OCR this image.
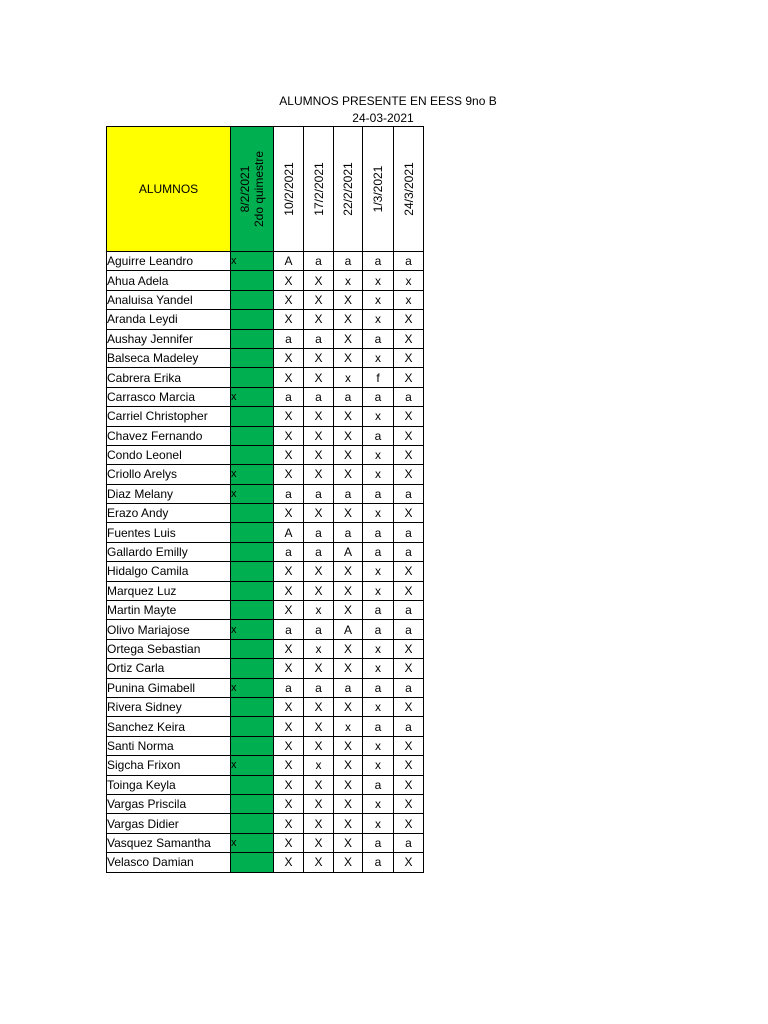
ALUMNOS PRESENTE EN EESS 9no B
24-03-2021
ALUMNOS	8/2/2021 2do quimestre	10/2/2021	17/2/2021	22/2/2021	1/3/2021	24/3/2021

Aguirre Leandro	x	A	a	a	a	a
Ahua Adela		X	X	x	x	x
Analuisa Yandel		X	X	X	x	x
Aranda Leydi		X	X	X	x	X
Aushay Jennifer		a	a	X	a	X
Balseca Madeley		X	X	X	x	X
Cabrera Erika		X	X	x	f	X
Carrasco Marcia	x	a	a	a	a	a
Carriel Christopher		X	X	X	x	X
Chavez Fernando		X	X	X	a	X
Condo Leonel		X	X	X	x	X
Criollo Arelys	x	X	X	X	x	X
Diaz Melany	x	a	a	a	a	a
Erazo Andy		X	X	X	x	X
Fuentes Luis		A	a	a	a	a
Gallardo Emilly		a	a	A	a	a
Hidalgo Camila		X	X	X	x	X
Marquez Luz		X	X	X	x	X
Martin Mayte		X	x	X	a	a
Olivo Mariajose	x	a	a	A	a	a
Ortega Sebastian		X	x	X	x	X
Ortiz Carla		X	X	X	x	X
Punina Gimabell	x	a	a	a	a	a
Rivera Sidney		X	X	X	x	X
Sanchez Keira		X	X	x	a	a
Santi Norma		X	X	X	x	X
Sigcha Frixon	x	X	x	X	x	X
Toinga Keyla		X	X	X	a	X
Vargas Priscila		X	X	X	x	X
Vargas Didier		X	X	X	x	X
Vasquez Samantha	x	X	X	X	a	a
Velasco Damian		X	X	X	a	X
